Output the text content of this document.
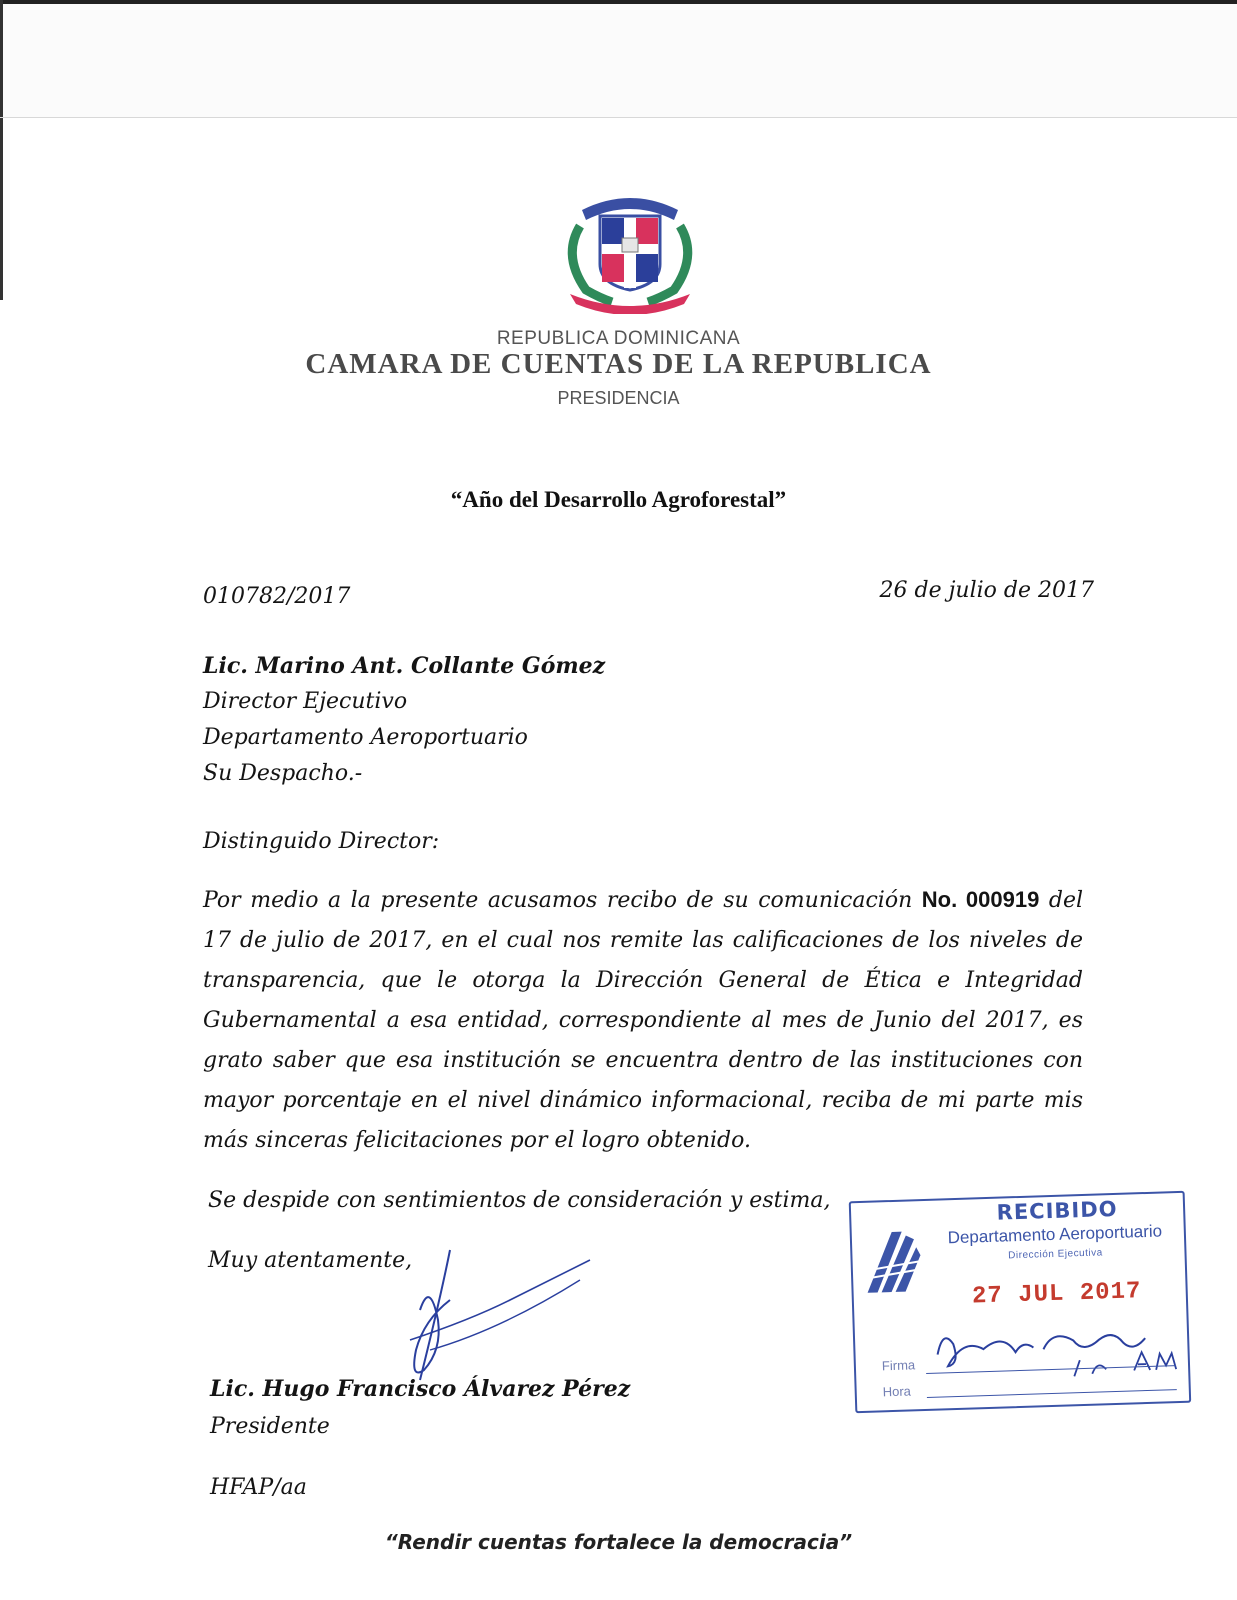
REPUBLICA DOMINICANA
CAMARA DE CUENTAS DE LA REPUBLICA
PRESIDENCIA
“Año del Desarrollo Agroforestal”
010782/2017	26 de julio de 2017
Lic. Marino Ant. Collante Gómez
Director Ejecutivo
Departamento Aeroportuario
Su Despacho.-
Distinguido Director:
Por medio a la presente acusamos recibo de su comunicación No. 000919 del 17 de julio de 2017, en el cual nos remite las calificaciones de los niveles de transparencia, que le otorga la Dirección General de Ética e Integridad Gubernamental a esa entidad, correspondiente al mes de Junio del 2017, es grato saber que esa institución se encuentra dentro de las instituciones con mayor porcentaje en el nivel dinámico informacional, reciba de mi parte mis más sinceras felicitaciones por el logro obtenido.
Se despide con sentimientos de consideración y estima,
Muy atentamente,
Lic. Hugo Francisco Álvarez Pérez
Presidente
HFAP/aa
RECIBIDO
Departamento Aeroportuario
Dirección Ejecutiva
27 JUL 2017
Firma
Hora
“Rendir cuentas fortalece la democracia”
